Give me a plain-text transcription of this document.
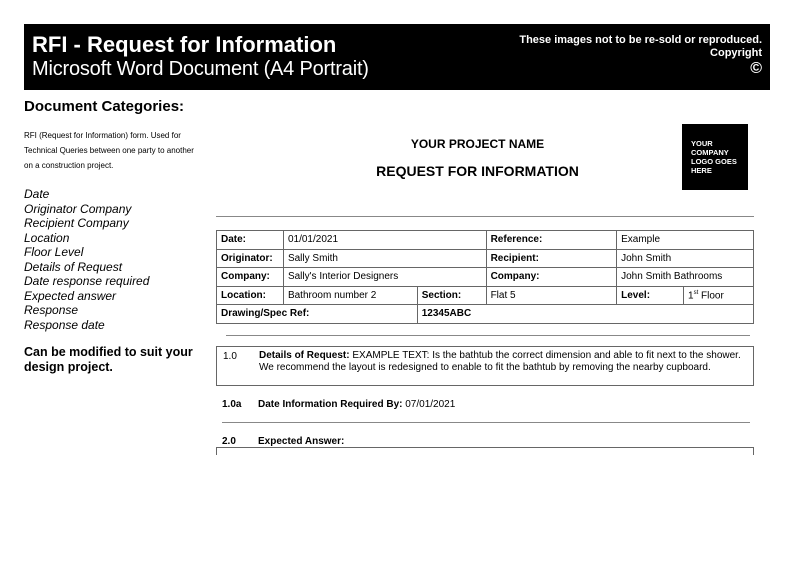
RFI - Request for Information
Microsoft Word Document (A4 Portrait)
These images not to be re-sold or reproduced.
Copyright
©
Document Categories:
RFI (Request for Information) form. Used for Technical Queries between one party to another on a construction project.
Date
Originator Company
Recipient Company
Location
Floor Level
Details of Request
Date response required
Expected answer
Response
Response date
Can be modified to suit your design project.
YOUR PROJECT NAME
REQUEST FOR INFORMATION
YOUR COMPANY LOGO GOES HERE
Date:	01/01/2021		Reference:	Example	
Originator:	Sally Smith		Recipient:	John Smith	
Company:	Sally's Interior Designers		Company:	John Smith Bathrooms	
Location:	Bathroom number 2	Section:	Flat 5	Level:	1st Floor
Drawing/Spec Ref:		12345ABC			
1.0 Details of Request: EXAMPLE TEXT: Is the bathtub the correct dimension and able to fit next to the shower. We recommend the layout is redesigned to enable to fit the bathtub by removing the nearby cupboard.
1.0a Date Information Required By: 07/01/2021
2.0 Expected Answer:
